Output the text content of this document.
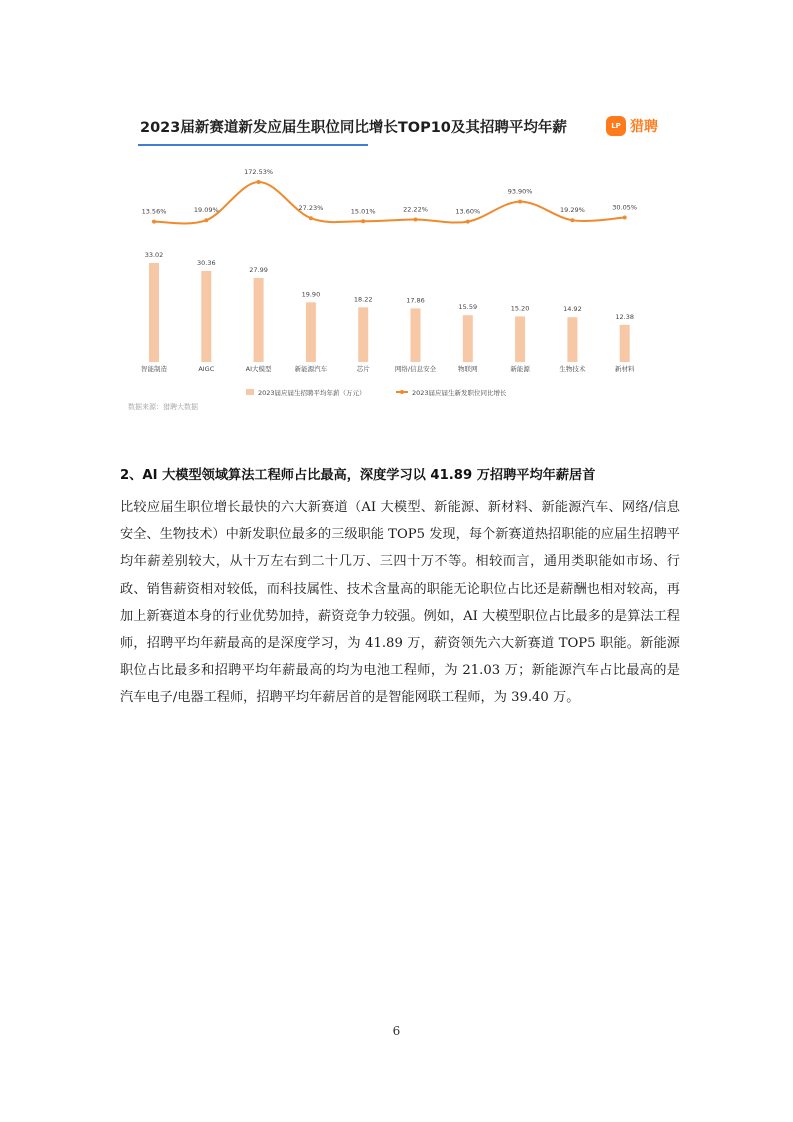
2023届新赛道新发应届生职位同比增长TOP10及其招聘平均年薪	LP 猎聘
33.02
智能制造
30.36
AIGC
27.99
AI大模型
19.90
新能源汽车
18.22
芯片
17.86
网络/信息安全
15.59
物联网
15.20
新能源
14.92
生物技术
12.38
新材料
13.56%	19.09%
172.53%
27.23%	15.01%	22.22%	13.60%
93.90%
19.29%	30.05%
2023届应届生招聘平均年薪（万元）	2023届应届生新发职位同比增长
数据来源：猎聘大数据
2、AI 大模型领域算法工程师占比最高，深度学习以 41.89 万招聘平均年薪居首
比较应届生职位增长最快的六大新赛道（AI 大模型、新能源、新材料、新能源汽车、网络/信息安全、生物技术）中新发职位最多的三级职能 TOP5 发现，每个新赛道热招职能的应届生招聘平均年薪差别较大，从十万左右到二十几万、三四十万不等。相较而言，通用类职能如市场、行政、销售薪资相对较低，而科技属性、技术含量高的职能无论职位占比还是薪酬也相对较高，再加上新赛道本身的行业优势加持，薪资竞争力较强。例如，AI 大模型职位占比最多的是算法工程师，招聘平均年薪最高的是深度学习，为 41.89 万，薪资领先六大新赛道 TOP5 职能。新能源职位占比最多和招聘平均年薪最高的均为电池工程师，为 21.03 万；新能源汽车占比最高的是汽车电子/电器工程师，招聘平均年薪居首的是智能网联工程师，为 39.40 万。
6
